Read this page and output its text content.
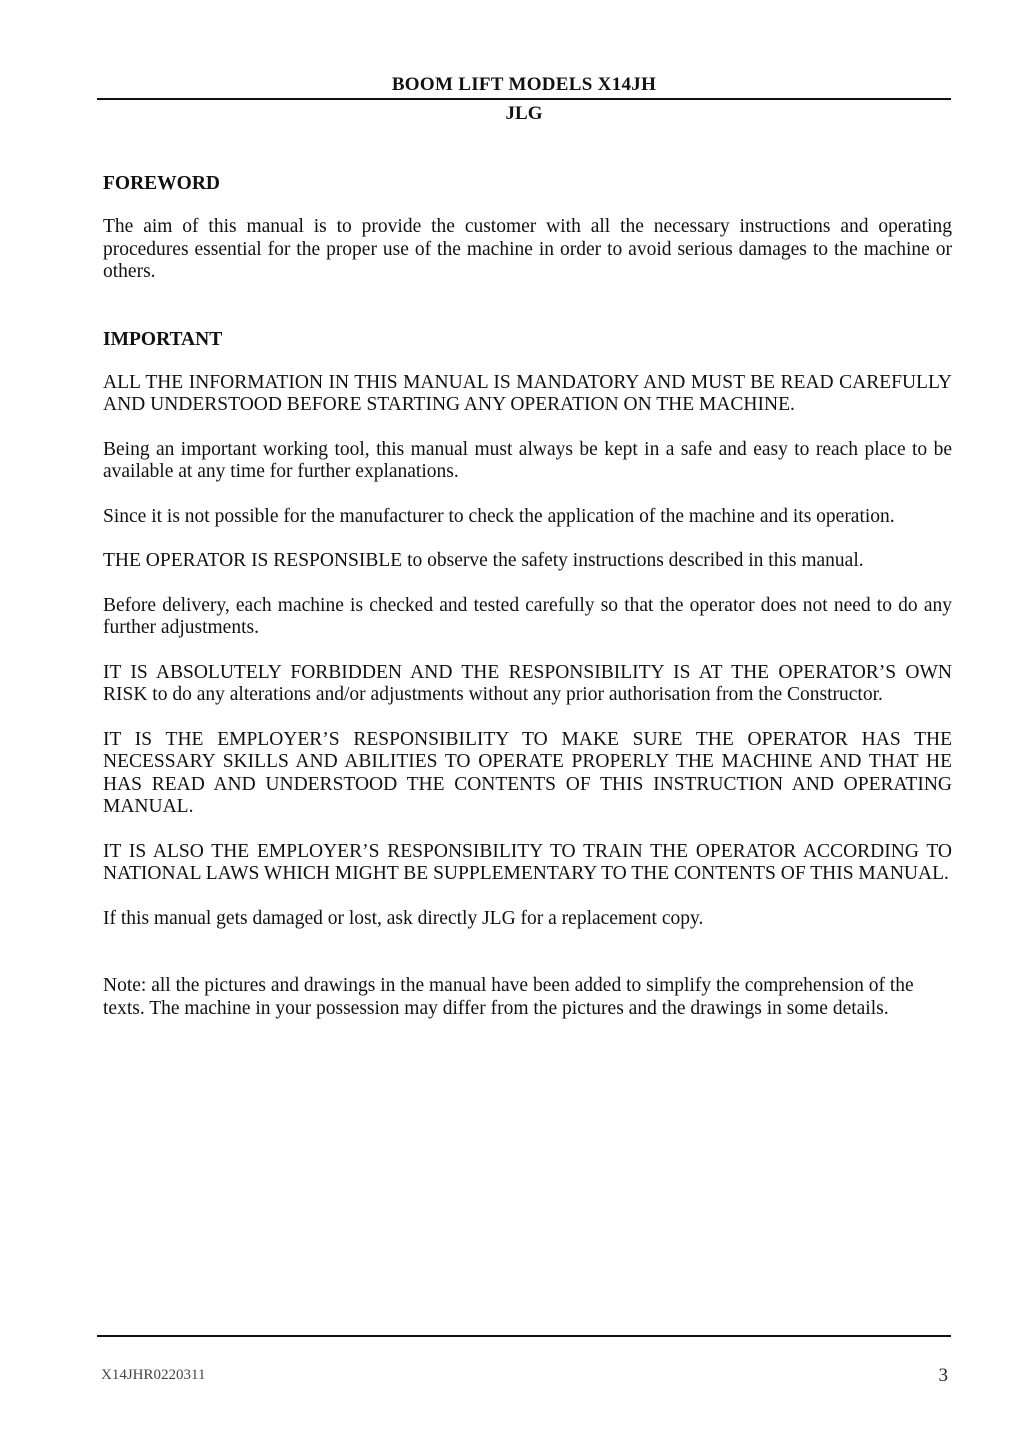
BOOM LIFT MODELS X14JH
JLG
FOREWORD

The aim of this manual is to provide the customer with all the necessary instructions and operating procedures essential for the proper use of the machine in order to avoid serious damages to the machine or others.

IMPORTANT

ALL THE INFORMATION IN THIS MANUAL IS MANDATORY AND MUST BE READ CAREFULLY AND UNDERSTOOD BEFORE STARTING ANY OPERATION ON THE MACHINE.

Being an important working tool, this manual must always be kept in a safe and easy to reach place to be available at any time for further explanations.

Since it is not possible for the manufacturer to check the application of the machine and its operation.

THE OPERATOR IS RESPONSIBLE to observe the safety instructions described in this manual.

Before delivery, each machine is checked and tested carefully so that the operator does not need to do any further adjustments.

IT IS ABSOLUTELY FORBIDDEN AND THE RESPONSIBILITY IS AT THE OPERATOR’S OWN RISK to do any alterations and/or adjustments without any prior authorisation from the Constructor.

IT IS THE EMPLOYER’S RESPONSIBILITY TO MAKE SURE THE OPERATOR HAS THE NECESSARY SKILLS AND ABILITIES TO OPERATE PROPERLY THE MACHINE AND THAT HE HAS READ AND UNDERSTOOD THE CONTENTS OF THIS INSTRUCTION AND OPERATING MANUAL.

IT IS ALSO THE EMPLOYER’S RESPONSIBILITY TO TRAIN THE OPERATOR ACCORDING TO NATIONAL LAWS WHICH MIGHT BE SUPPLEMENTARY TO THE CONTENTS OF THIS MANUAL.

If this manual gets damaged or lost, ask directly JLG for a replacement copy.

Note: all the pictures and drawings in the manual have been added to simplify the comprehension of the texts. The machine in your possession may differ from the pictures and the drawings in some details.

X14JHR0220311	3
